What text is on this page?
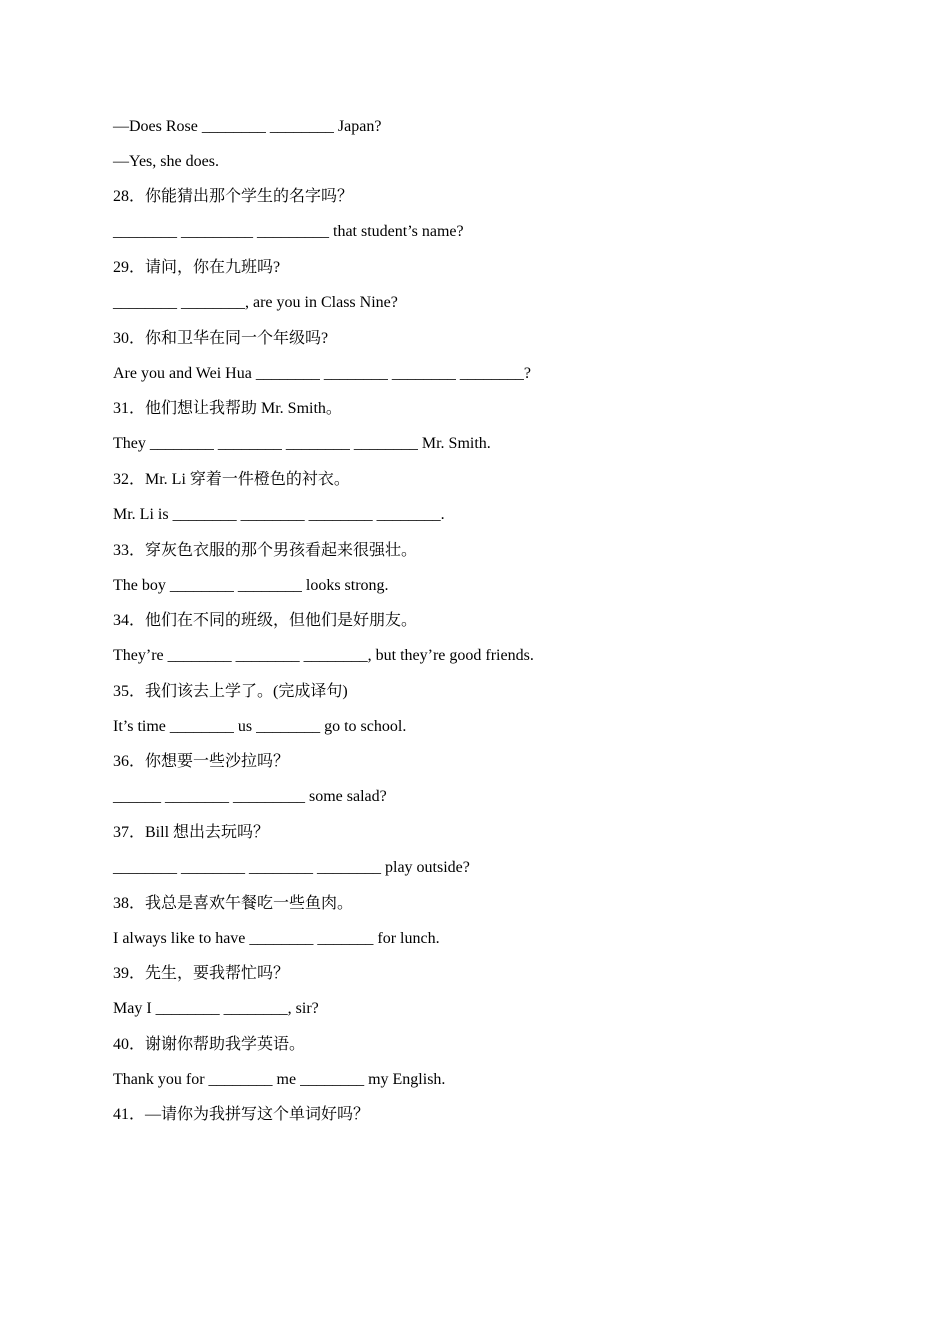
—Does Rose ________ ________ Japan?
—Yes, she does.
28．你能猜出那个学生的名字吗？
________ _________ _________ that student’s name?
29．请问，你在九班吗?
________ ________, are you in Class Nine?
30．你和卫华在同一个年级吗?
Are you and Wei Hua ________ ________ ________ ________?
31．他们想让我帮助 Mr. Smith。
They ________ ________ ________ ________ Mr. Smith.
32．Mr. Li 穿着一件橙色的衬衣。
Mr. Li is ________ ________ ________ ________.
33．穿灰色衣服的那个男孩看起来很强壮。
The boy ________ ________ looks strong.
34．他们在不同的班级，但他们是好朋友。
They’re ________ ________ ________, but they’re good friends.
35．我们该去上学了。(完成译句)
It’s time ________ us ________ go to school.
36．你想要一些沙拉吗？
______ ________ _________ some salad?
37．Bill 想出去玩吗？
________ ________ ________ ________ play outside?
38．我总是喜欢午餐吃一些鱼肉。
I always like to have ________ _______ for lunch.
39．先生，要我帮忙吗？
May I ________ ________, sir?
40．谢谢你帮助我学英语。
Thank you for ________ me ________ my English.
41．—请你为我拼写这个单词好吗？
